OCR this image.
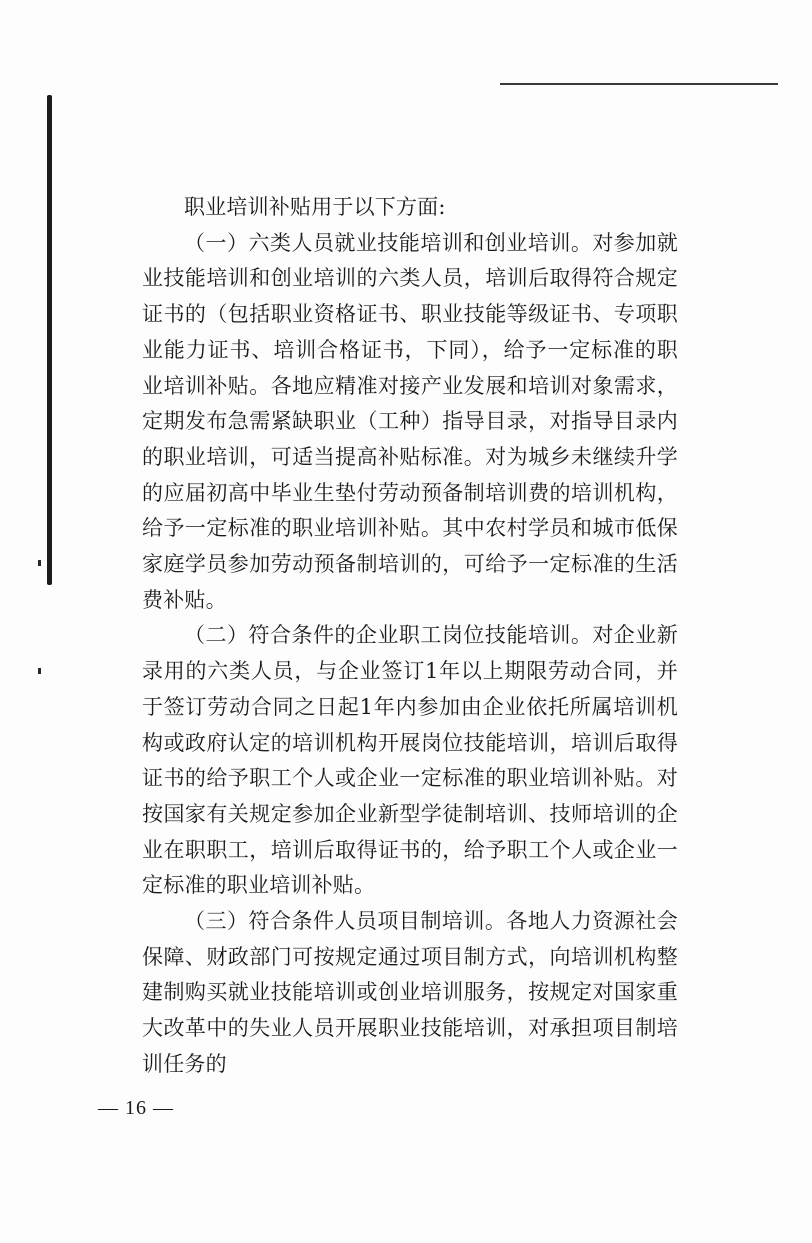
职业培训补贴用于以下方面:

（一）六类人员就业技能培训和创业培训。对参加就业技能培训和创业培训的六类人员，培训后取得符合规定证书的（包括职业资格证书、职业技能等级证书、专项职业能力证书、培训合格证书，下同），给予一定标准的职业培训补贴。各地应精准对接产业发展和培训对象需求，定期发布急需紧缺职业（工种）指导目录，对指导目录内的职业培训，可适当提高补贴标准。对为城乡未继续升学的应届初高中毕业生垫付劳动预备制培训费的培训机构，给予一定标准的职业培训补贴。其中农村学员和城市低保家庭学员参加劳动预备制培训的，可给予一定标准的生活费补贴。

（二）符合条件的企业职工岗位技能培训。对企业新录用的六类人员，与企业签订1年以上期限劳动合同，并于签订劳动合同之日起1年内参加由企业依托所属培训机构或政府认定的培训机构开展岗位技能培训，培训后取得证书的给予职工个人或企业一定标准的职业培训补贴。对按国家有关规定参加企业新型学徒制培训、技师培训的企业在职职工，培训后取得证书的，给予职工个人或企业一定标准的职业培训补贴。

（三）符合条件人员项目制培训。各地人力资源社会保障、财政部门可按规定通过项目制方式，向培训机构整建制购买就业技能培训或创业培训服务，按规定对国家重大改革中的失业人员开展职业技能培训，对承担项目制培训任务的

— 16 —
